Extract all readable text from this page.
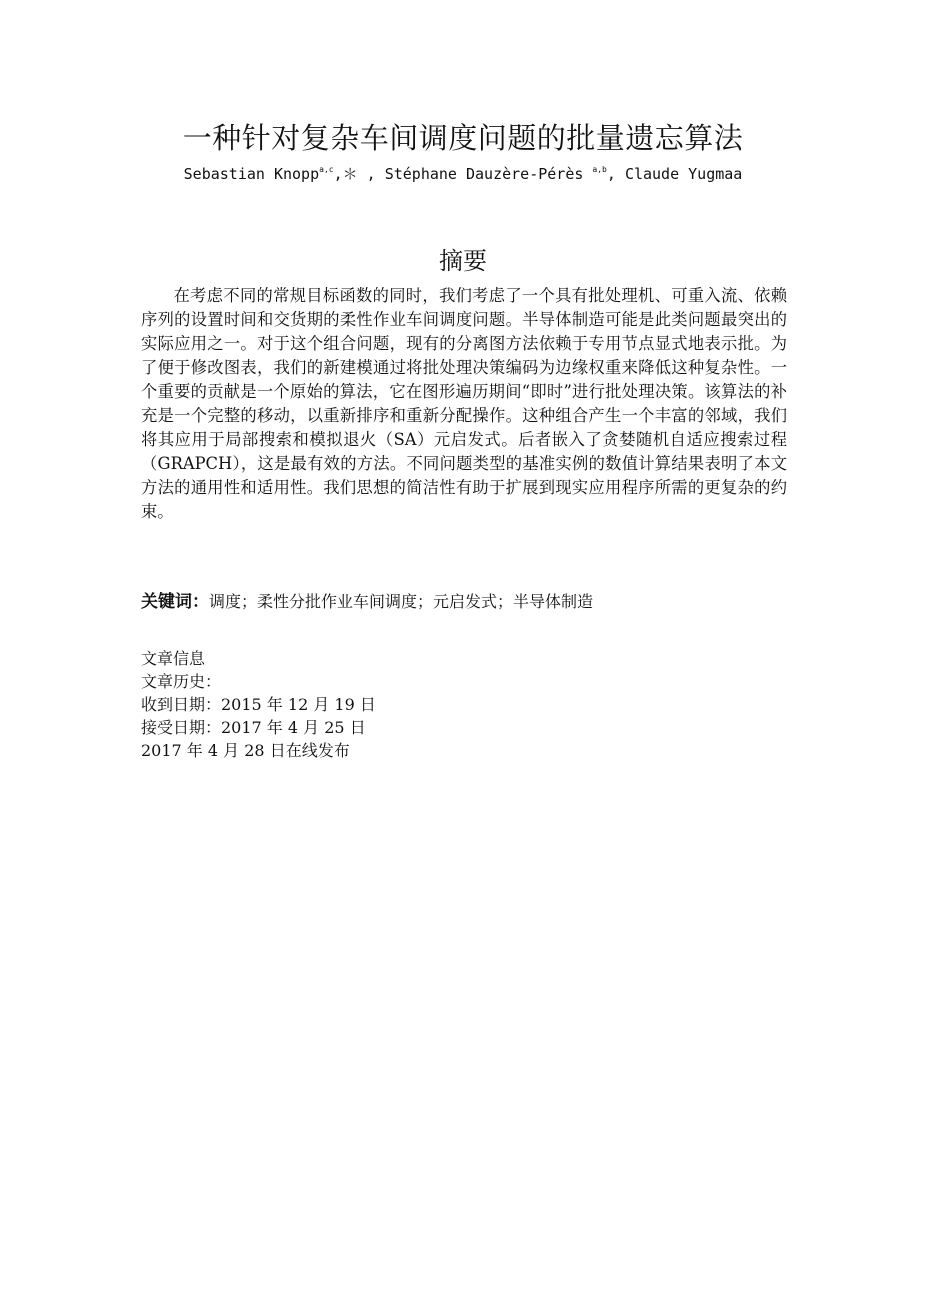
一种针对复杂车间调度问题的批量遗忘算法
Sebastian Knopp$^{a,c}$,＊ , Stéphane Dauzère-Pérès $^{a,b}$, Claude Yugmaa
摘要

在考虑不同的常规目标函数的同时，我们考虑了一个具有批处理机、可重入流、依赖序列的设置时间和交货期的柔性作业车间调度问题。半导体制造可能是此类问题最突出的实际应用之一。对于这个组合问题，现有的分离图方法依赖于专用节点显式地表示批。为了便于修改图表，我们的新建模通过将批处理决策编码为边缘权重来降低这种复杂性。一个重要的贡献是一个原始的算法，它在图形遍历期间“即时”进行批处理决策。该算法的补充是一个完整的移动，以重新排序和重新分配操作。这种组合产生一个丰富的邻域，我们将其应用于局部搜索和模拟退火（SA）元启发式。后者嵌入了贪婪随机自适应搜索过程（GRAPCH），这是最有效的方法。不同问题类型的基准实例的数值计算结果表明了本文方法的通用性和适用性。我们思想的简洁性有助于扩展到现实应用程序所需的更复杂的约束。

关键词：调度；柔性分批作业车间调度；元启发式；半导体制造
文章信息
文章历史：
收到日期：2015 年 12 月 19 日
接受日期：2017 年 4 月 25 日
2017 年 4 月 28 日在线发布
